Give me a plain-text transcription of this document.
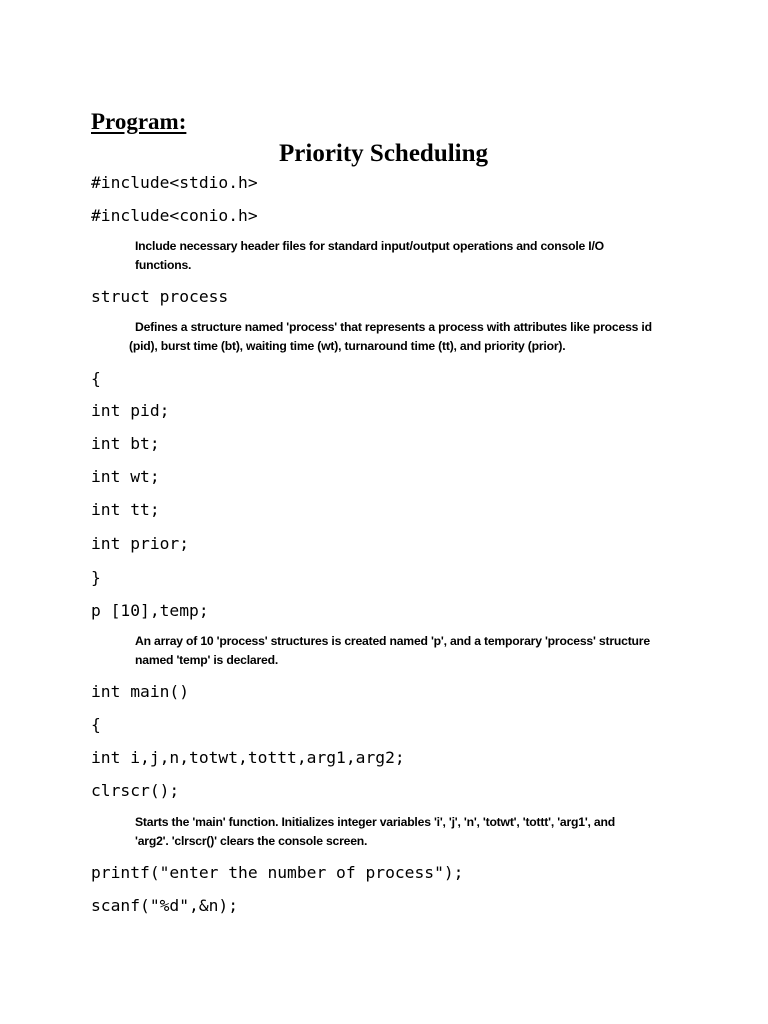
Program:
Priority Scheduling
#include<stdio.h>
#include<conio.h>
Include necessary header files for standard input/output operations and console I/O
functions.
struct process
Defines a structure named 'process' that represents a process with attributes like process id
(pid), burst time (bt), waiting time (wt), turnaround time (tt), and priority (prior).
{
int pid;
int bt;
int wt;
int tt;
int prior;
}
p [10],temp;
An array of 10 'process' structures is created named 'p', and a temporary 'process' structure
named 'temp' is declared.
int main()
{
int i,j,n,totwt,tottt,arg1,arg2;
clrscr();
Starts the 'main' function. Initializes integer variables 'i', 'j', 'n', 'totwt', 'tottt', 'arg1', and
'arg2'. 'clrscr()' clears the console screen.
printf("enter the number of process");
scanf("%d",&n);
